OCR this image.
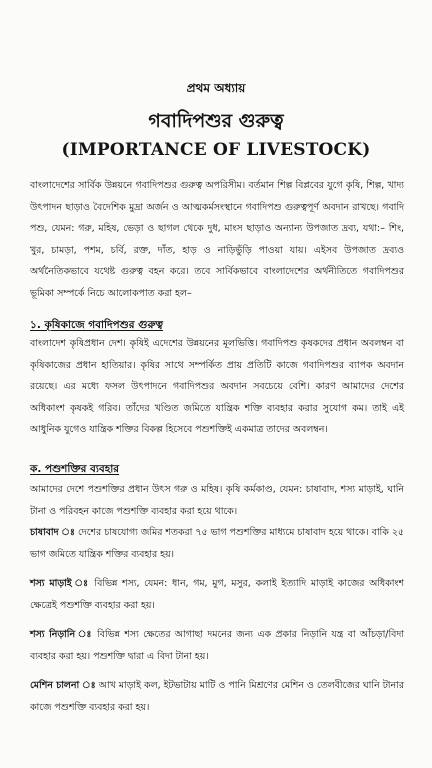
প্রথম অধ্যায়
গবাদিপশুর গুরুত্ব
(IMPORTANCE OF LIVESTOCK)

বাংলাদেশের সার্বিক উন্নয়নে গবাদিপশুর গুরুত্ব অপরিসীম। বর্তমান শিল্প বিপ্লবের যুগে কৃষি, শিল্প, খাদ্য উৎপাদন ছাড়াও বৈদেশিক মুদ্রা অর্জন ও আত্মকর্মসংস্থানে গবাদিপশু গুরুত্বপূর্ণ অবদান রাখছে। গবাদি পশু, যেমন: গরু, মহিষ, ভেড়া ও ছাগল থেকে দুধ, মাংস ছাড়াও অন্যান্য উপজাত দ্রব্য, যথা:– শিং, খুর, চামড়া, পশম, চর্বি, রক্ত, দাঁত, হাড় ও নাড়িভুঁড়ি পাওয়া যায়। এইসব উপজাত দ্রব্যও অর্থনৈতিকভাবে যথেষ্ট গুরুত্ব বহন করে। তবে সার্বিকভাবে বাংলাদেশের অর্থনীতিতে গবাদিপশুর ভূমিকা সম্পর্কে নিচে আলোকপাত করা হল–

১. কৃষিকাজে গবাদিপশুর গুরুত্ব

বাংলাদেশ কৃষিপ্রধান দেশ। কৃষিই এদেশের উন্নয়নের মূলভিত্তি। গবাদিপশু কৃষকদের প্রধান অবলম্বন বা কৃষিকাজের প্রধান হাতিয়ার। কৃষির সাথে সম্পর্কিত প্রায় প্রতিটি কাজে গবাদিপশুর ব্যাপক অবদান রয়েছে। এর মধ্যে ফসল উৎপাদনে গবাদিপশুর অবদান সবচেয়ে বেশি। কারণ আমাদের দেশের অধিকাংশ কৃষকই গরিব। তাঁদের খণ্ডিত জমিতে যান্ত্রিক শক্তি ব্যবহার করার সুযোগ কম। তাই এই আধুনিক যুগেও যান্ত্রিক শক্তির বিকল্প হিসেবে পশুশক্তিই একমাত্র তাদের অবলম্বন।

ক. পশুশক্তির ব্যবহার

আমাদের দেশে পশুশক্তির প্রধান উৎস গরু ও মহিষ। কৃষি কর্মকাণ্ড, যেমন: চাষাবাদ, শস্য মাড়াই, ঘানি টানা ও পরিবহন কাজে পশুশক্তি ব্যবহার করা হয়ে থাকে।

চাষাবাদ ঃ দেশের চাষযোগ্য জমির শতকরা ৭৫ ভাগ পশুশক্তির মাধ্যমে চাষাবাদ হয়ে থাকে। বাকি ২৫ ভাগ জমিতে যান্ত্রিক শক্তির ব্যবহার হয়।

শস্য মাড়াই ঃ বিভিন্ন শস্য, যেমন: ধান, গম, মুগ, মসুর, কলাই ইত্যাদি মাড়াই কাজের অধিকাংশ ক্ষেত্রেই পশুশক্তি ব্যবহার করা হয়।

শস্য নিড়ানি ঃ বিভিন্ন শস্য ক্ষেতের আগাছা দমনের জন্য এক প্রকার নিড়ানি যন্ত্র বা আঁচড়া/বিদা ব্যবহার করা হয়। পশুশক্তি দ্বারা এ বিদা টানা হয়।

মেশিন চালনা ঃ আখ মাড়াই কল, ইটভাটায় মাটি ও পানি মিশ্রণের মেশিন ও তেলবীজের ঘানি টানার কাজে পশুশক্তি ব্যবহার করা হয়।
